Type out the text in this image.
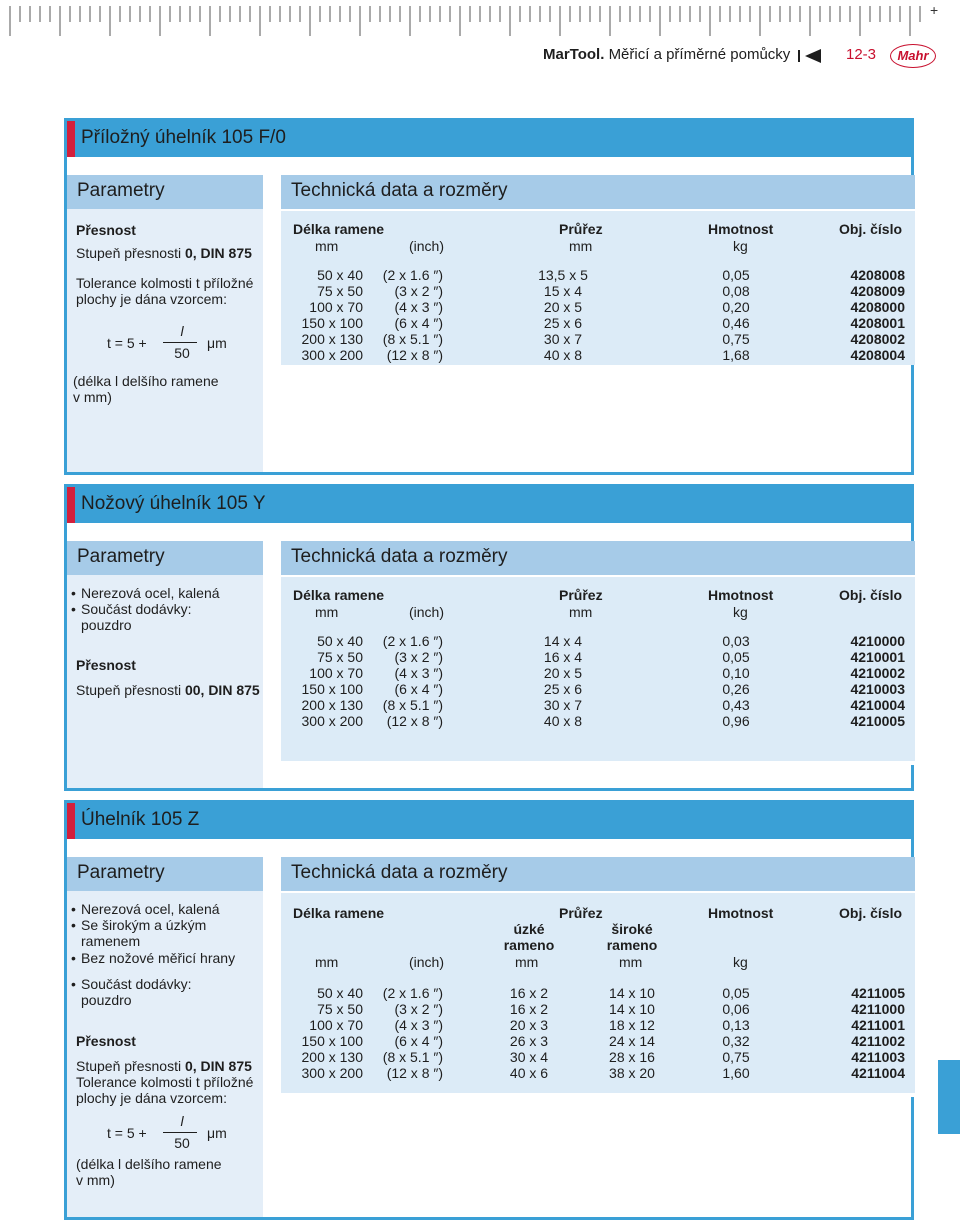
MarTool. Měřicí a příměrné pomůcky	12-3	Mahr
+
Příložný úhelník 105 F/0
Parametry
Přesnost
Stupeň přesnosti 0, DIN 875
Tolerance kolmosti t příložné
plochy je dána vzorcem:
t = 5 +
l
50
μm
(délka l delšího ramene
v mm)
Technická data a rozměry
Délka ramene	Průřez	Hmotnost	Obj. číslo
mm	(inch)	mm	kg
50 x 40 (2 x 1.6 ″)	13,5 x 5	0,05	4208008
75 x 50	(3 x 2 ″)	15 x 4	0,08	4208009
100 x 70	(4 x 3 ″)	20 x 5	0,20	4208000
150 x 100	(6 x 4 ″)	25 x 6	0,46	4208001
200 x 130 (8 x 5.1 ″)	30 x 7	0,75	4208002
300 x 200	(12 x 8 ″)	40 x 8	1,68	4208004
Nožový úhelník 105 Y
Parametry
• Nerezová ocel, kalená
• Součást dodávky:
pouzdro
Přesnost
Stupeň přesnosti 00, DIN 875
Technická data a rozměry
Délka ramene	Průřez	Hmotnost	Obj. číslo
mm	(inch)	mm	kg
50 x 40 (2 x 1.6 ″)	14 x 4	0,03	4210000
75 x 50	(3 x 2 ″)	16 x 4	0,05	4210001
100 x 70	(4 x 3 ″)	20 x 5	0,10	4210002
150 x 100	(6 x 4 ″)	25 x 6	0,26	4210003
200 x 130 (8 x 5.1 ″)	30 x 7	0,43	4210004
300 x 200	(12 x 8 ″)	40 x 8	0,96	4210005
Úhelník 105 Z
Parametry
• Nerezová ocel, kalená
• Se širokým a úzkým
ramenem
• Bez nožové měřicí hrany
• Součást dodávky:
pouzdro
Přesnost
Stupeň přesnosti 0, DIN 875
Tolerance kolmosti t příložné
plochy je dána vzorcem:
t = 5 +
l
50
μm
(délka l delšího ramene
v mm)
Technická data a rozměry
Délka ramene	Průřez	Hmotnost	Obj. číslo
úzké
rameno
široké
rameno
mm	(inch)	mm	mm	kg
50 x 40 (2 x 1.6 ″)	16 x 2	14 x 10	0,05	4211005
75 x 50	(3 x 2 ″)	16 x 2	14 x 10	0,06	4211000
100 x 70	(4 x 3 ″)	20 x 3	18 x 12	0,13	4211001
150 x 100	(6 x 4 ″)	26 x 3	24 x 14	0,32	4211002
200 x 130 (8 x 5.1 ″)	30 x 4	28 x 16	0,75	4211003
300 x 200	(12 x 8 ″)	40 x 6	38 x 20	1,60	4211004
